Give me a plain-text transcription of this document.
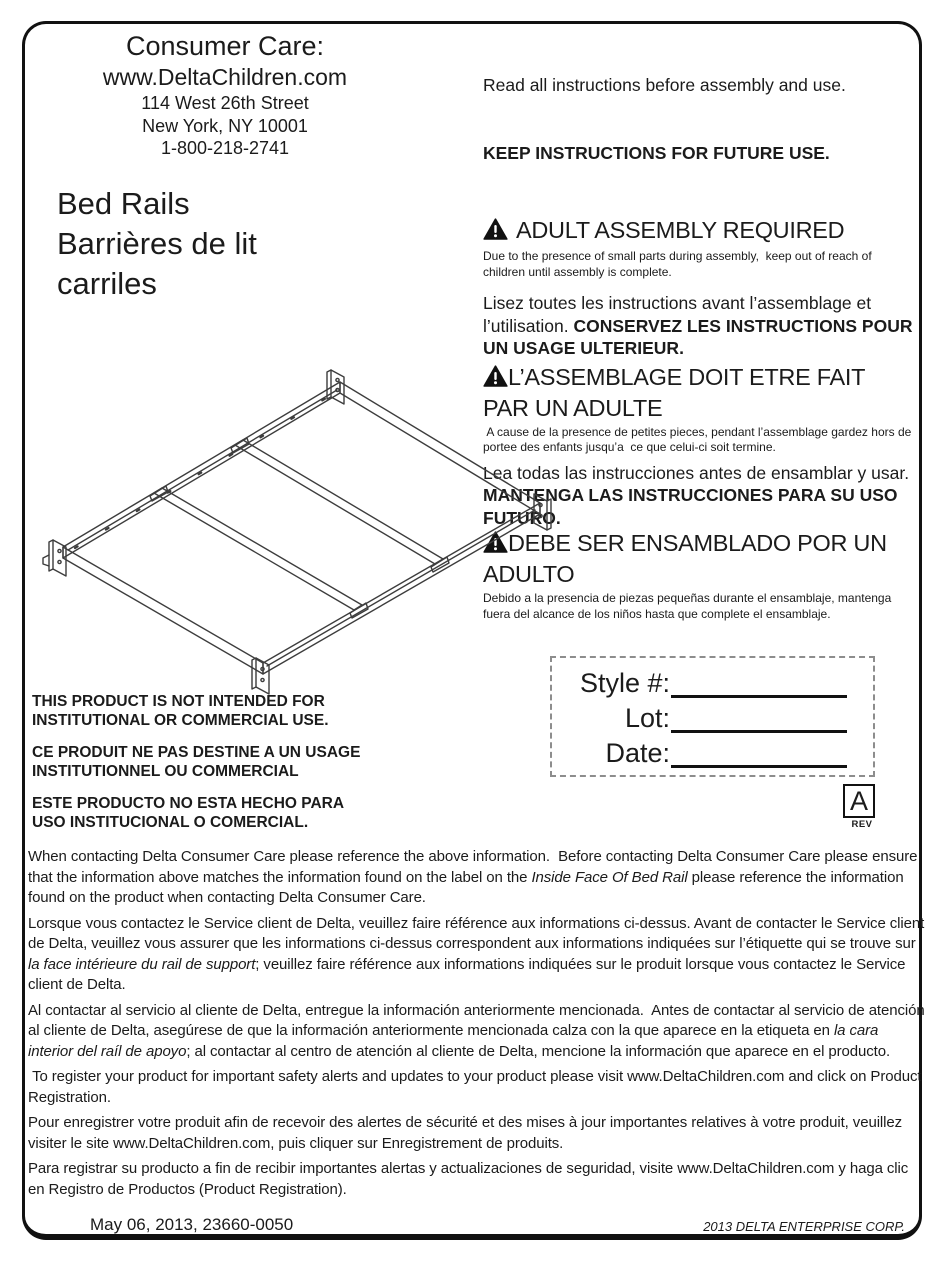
Consumer Care:
www.DeltaChildren.com
114 West 26th Street
New York, NY 10001
1-800-218-2741
Bed Rails
Barrières de lit
carriles

Read all instructions before assembly and use.

KEEP INSTRUCTIONS FOR FUTURE USE.

ADULT ASSEMBLY REQUIRED
Due to the presence of small parts during assembly,  keep out of reach of children until assembly is complete.
Lisez toutes les instructions avant l’assemblage et l’utilisation. CONSERVEZ LES INSTRUCTIONS POUR UN USAGE ULTERIEUR.
L’ASSEMBLAGE DOIT ETRE FAIT PAR UN ADULTE
A cause de la presence de petites pieces, pendant l’assemblage gardez hors de portee des enfants jusqu’a  ce que celui-ci soit termine.
Lea todas las instrucciones antes de ensamblar y usar.  MANTENGA LAS INSTRUCCIONES PARA SU USO FUTURO.
DEBE SER ENSAMBLADO POR UN ADULTO
Debido a la presencia de piezas pequeñas durante el ensamblaje, mantenga fuera del alcance de los niños hasta que complete el ensamblaje.

THIS PRODUCT IS NOT INTENDED FOR
INSTITUTIONAL OR COMMERCIAL USE.

CE PRODUIT NE PAS DESTINE A UN USAGE
INSTITUTIONNEL OU COMMERCIAL

ESTE PRODUCTO NO ESTA HECHO PARA
USO INSTITUCIONAL O COMERCIAL.

Style #:
Lot:
Date:
A
REV

When contacting Delta Consumer Care please reference the above information.  Before contacting Delta Consumer Care please ensure that the information above matches the information found on the label on the Inside Face Of Bed Rail please reference the information found on the product when contacting Delta Consumer Care.

Lorsque vous contactez le Service client de Delta, veuillez faire référence aux informations ci-dessus. Avant de contacter le Service client de Delta, veuillez vous assurer que les informations ci-dessus correspondent aux informations indiquées sur l’étiquette qui se trouve sur la face intérieure du rail de support; veuillez faire référence aux informations indiquées sur le produit lorsque vous contactez le Service client de Delta.

Al contactar al servicio al cliente de Delta, entregue la información anteriormente mencionada.  Antes de contactar al servicio de atención al cliente de Delta, asegúrese de que la información anteriormente mencionada calza con la que aparece en la etiqueta en la cara interior del raíl de apoyo; al contactar al centro de atención al cliente de Delta, mencione la información que aparece en el producto.

To register your product for important safety alerts and updates to your product please visit www.DeltaChildren.com and click on Product Registration.

Pour enregistrer votre produit afin de recevoir des alertes de sécurité et des mises à jour importantes relatives à votre produit, veuillez visiter le site www.DeltaChildren.com, puis cliquer sur Enregistrement de produits.

Para registrar su producto a fin de recibir importantes alertas y actualizaciones de seguridad, visite www.DeltaChildren.com y haga clic en Registro de Productos (Product Registration).

May 06, 2013, 23660-0050	2013 DELTA ENTERPRISE CORP.
